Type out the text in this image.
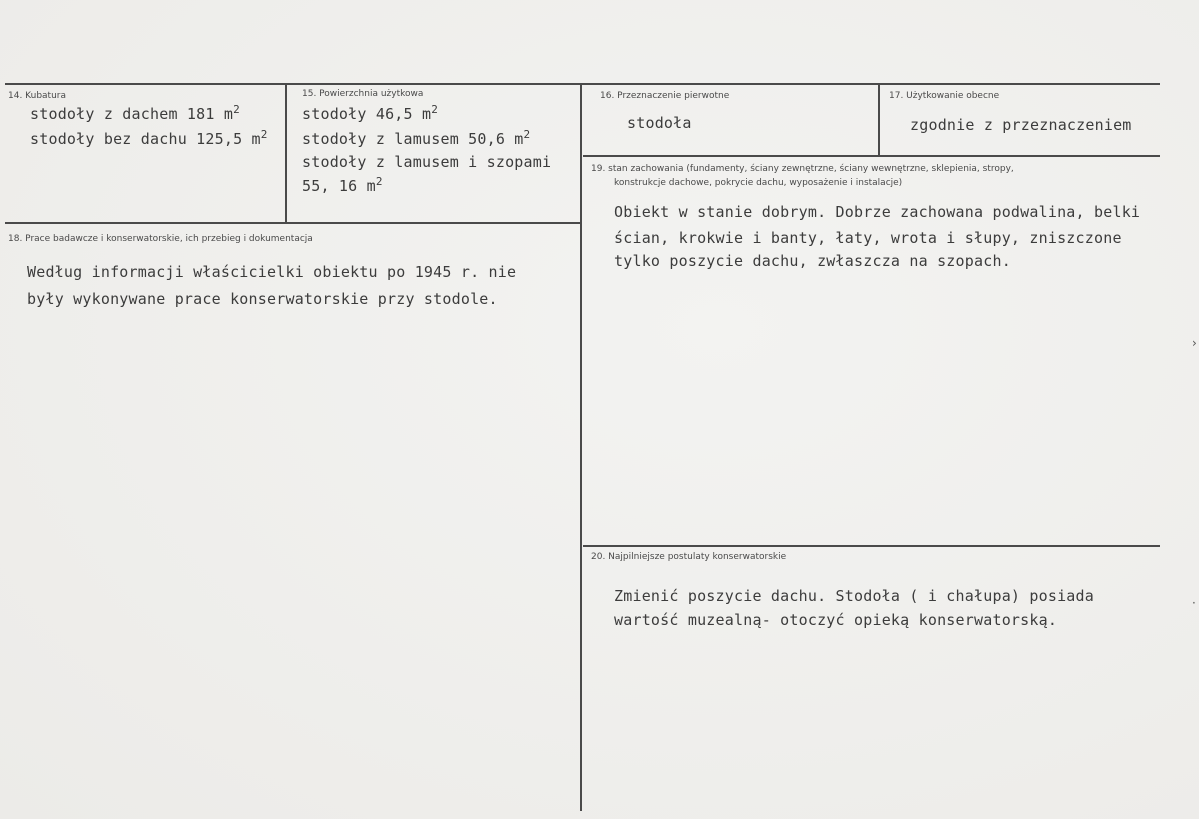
14. Kubatura
stodoły z dachem 181 $m^2$
stodoły bez dachu 125,5 $m^2$
15. Powierzchnia użytkowa
stodoły 46,5 $m^2$
stodoły z lamusem 50,6 $m^2$
stodoły z lamusem i szopami
55, 16 $m^2$
16. Przeznaczenie pierwotne
stodoła
17. Użytkowanie obecne
zgodnie z przeznaczeniem
18. Prace badawcze i konserwatorskie, ich przebieg i dokumentacja
Według informacji właścicielki obiektu po 1945 r. nie
były wykonywane prace konserwatorskie przy stodole.
19. stan zachowania (fundamenty, ściany zewnętrzne, ściany wewnętrzne, sklepienia, stropy,
konstrukcje dachowe, pokrycie dachu, wyposażenie i instalacje)
Obiekt w stanie dobrym. Dobrze zachowana podwalina, belki
ścian, krokwie i banty, łaty, wrota i słupy, zniszczone
tylko poszycie dachu, zwłaszcza na szopach.
20. Najpilniejsze postulaty konserwatorskie
Zmienić poszycie dachu. Stodoła ( i chałupa) posiada
wartość muzealną- otoczyć opieką konserwatorską.
›
·
